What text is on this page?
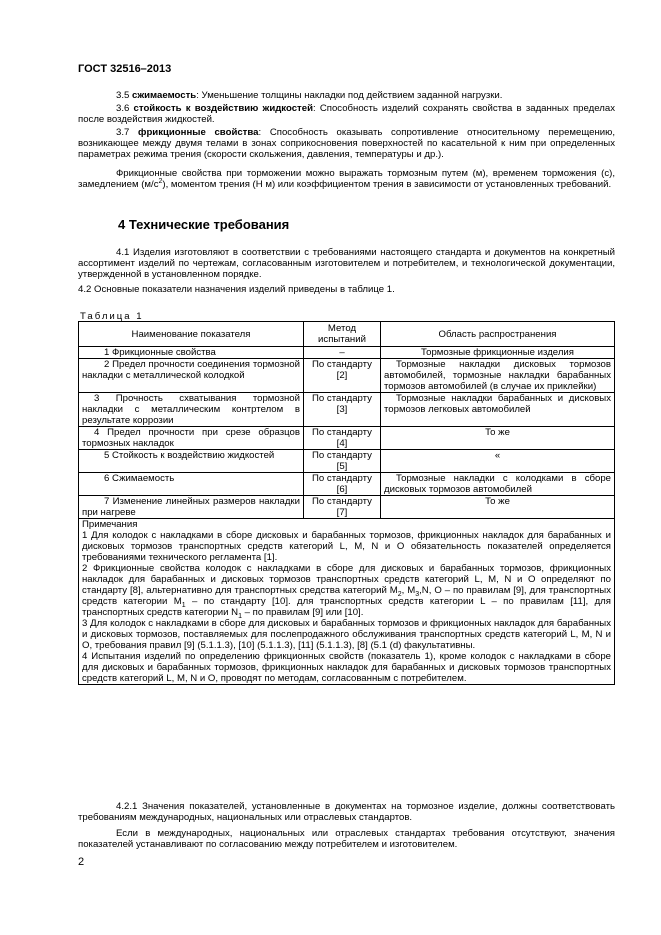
ГОСТ 32516–2013
3.5 сжимаемость: Уменьшение толщины накладки под действием заданной нагрузки.
3.6 стойкость к воздействию жидкостей: Способность изделий сохранять свойства в заданных пределах после воздействия жидкостей.
3.7 фрикционные свойства: Способность оказывать сопротивление относительному перемещению, возникающее между двумя телами в зонах соприкосновения поверхностей по касательной к ним при определенных параметрах режима трения (скорости скольжения, давления, температуры и др.).
Фрикционные свойства при торможении можно выражать тормозным путем (м), временем торможения (с), замедлением $(м/с^2)$, моментом трения (Н м) или коэффициентом трения в зависимости от установленных требований.
4 Технические требования
4.1 Изделия изготовляют в соответствии с требованиями настоящего стандарта и документов на конкретный ассортимент изделий по чертежам, согласованным изготовителем и потребителем, и технологической документации, утвержденной в установленном порядке.
4.2 Основные показатели назначения изделий приведены в таблице 1.
Таблица 1
Наименование показателя	Метод испытаний	Область распространения
1 Фрикционные свойства	–	Тормозные фрикционные изделия
2 Предел прочности соединения тормозной накладки с металлической колодкой	По стандарту [2]	Тормозные накладки дисковых тормозов автомобилей, тормозные накладки барабанных тормозов автомобилей (в случае их приклейки)
3 Прочность схватывания тормозной накладки с металлическим контртелом в результате коррозии	По стандарту [3]	Тормозные накладки барабанных и дисковых тормозов легковых автомобилей
4 Предел прочности при срезе образцов тормозных накладок	По стандарту [4]	То же
5 Стойкость к воздействию жидкостей	По стандарту [5]	«
6 Сжимаемость	По стандарту [6]	Тормозные накладки с колодками в сборе дисковых тормозов автомобилей
7 Изменение линейных размеров накладки при нагреве	По стандарту [7]	То же

Примечания
1 Для колодок с накладками в сборе дисковых и барабанных тормозов, фрикционных накладок для барабанных и дисковых тормозов транспортных средств категорий L, M, N и O обязательность показателей определяется требованиями технического регламента [1].
2 Фрикционные свойства колодок с накладками в сборе для дисковых и барабанных тормозов, фрикционных накладок для барабанных и дисковых тормозов транспортных средств категорий L, M, N и O определяют по стандарту [8], альтернативно для транспортных средства категорий $M_2$, $M_3,N$, O – по правилам [9], для транспортных средств категории $M_1$ – по стандарту [10]. для транспортных средств категории L – по правилам [11], для транспортных средств категории $N_1$ – по правилам [9] или [10].
3 Для колодок с накладками в сборе для дисковых и барабанных тормозов и фрикционных накладок для барабанных и дисковых тормозов, поставляемых для послепродажного обслуживания транспортных средств категорий L, M, N и O, требования правил [9] (5.1.1.3), [10] (5.1.1.3), [11] (5.1.1.3), [8] (5.1 (d) факультативны.
4 Испытания изделий по определению фрикционных свойств (показатель 1), кроме колодок с накладками в сборе для дисковых и барабанных тормозов, фрикционных накладок для барабанных и дисковых тормозов транспортных средств категорий L, M, N и O, проводят по методам, согласованным с потребителем.		
4.2.1 Значения показателей, установленные в документах на тормозное изделие, должны соответствовать требованиям международных, национальных или отраслевых стандартов.
Если в международных, национальных или отраслевых стандартах требования отсутствуют, значения показателей устанавливают по согласованию между потребителем и изготовителем.
2
